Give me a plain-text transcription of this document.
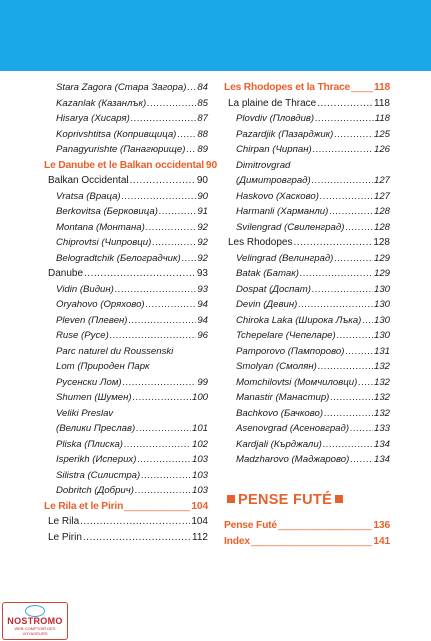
Stara Zagora (Стара Загора) ..... 84
Kazanlak (Казанлък) .....	85
Hisarya (Хисаря) .....	87
Koprivshtitsa (Копривщица) ..... 88
Panagyurishte (Панагюрище) ..... 89
Le Danube et le Balkan occidental 90
Balkan Occidental .....	90
Vratsa (Враца) .....	90
Berkovitsa (Берковица) .....	91
Montana (Монтана) .....	92
Chiprovtsi (Чипровци) .....	92
Belogradtchik (Белоградчик) ..... 92
Danube .....	93
Vidin (Видин) .....	93
Oryahovo (Оряхово) .....	94
Pleven (Плевен) .....	94
Ruse (Русе) .....	96
Parc naturel du Roussenski
Lom (Природен Парк
Русенски Лом) .....	99
Shumen (Шумен) .....	100
Veliki Preslav
(Велики Преслав) .....	101
Pliska (Плиска) .....	102
Isperikh (Исперих) .....	103
Silistra (Силистра) .....	103
Dobritch (Добрич) .....	103
Le Rila et le Pirin _____	104
Le Rila .....	104
Le Pirin .....	112
Les Rhodopes et la Thrace _____ 118
La plaine de Thrace .....	118
Plovdiv (Пловдив) .....	118
Pazardjik (Пазарджик) .....	125
Chirpan (Чирпан) .....	126
Dimitrovgrad
(Димитровград) .....	127
Haskovo (Хасково) .....	127
Harmanli (Харманли) .....	128
Svilengrad (Свиленград) .....	128
Les Rhodopes .....	128
Velingrad (Велинград) .....	129
Batak (Батак) .....	129
Dospat (Доспат) .....	130
Devin (Девин) .....	130
Chiroka Laka (Широка Лъка) ..... 130
Tchepelare (Чепеларе) .....	130
Pamporovo (Пампорово) .....	131
Smolyan (Смолян) .....	132
Momchilovtsi (Момчиловци) ..... 132
Manastir (Манастир) .....	132
Bachkovo (Бачково) .....	132
Asenovgrad (Асеновград) .....	133
Kardjali (Кърджали) .....	134
Madzharovo (Маджарово) .....	134
PENSE FUTÉ
Pense Futé _____	136
Index _____	141
NOSTROMO
WEB COMPTOIR DES VOYAGEURS
